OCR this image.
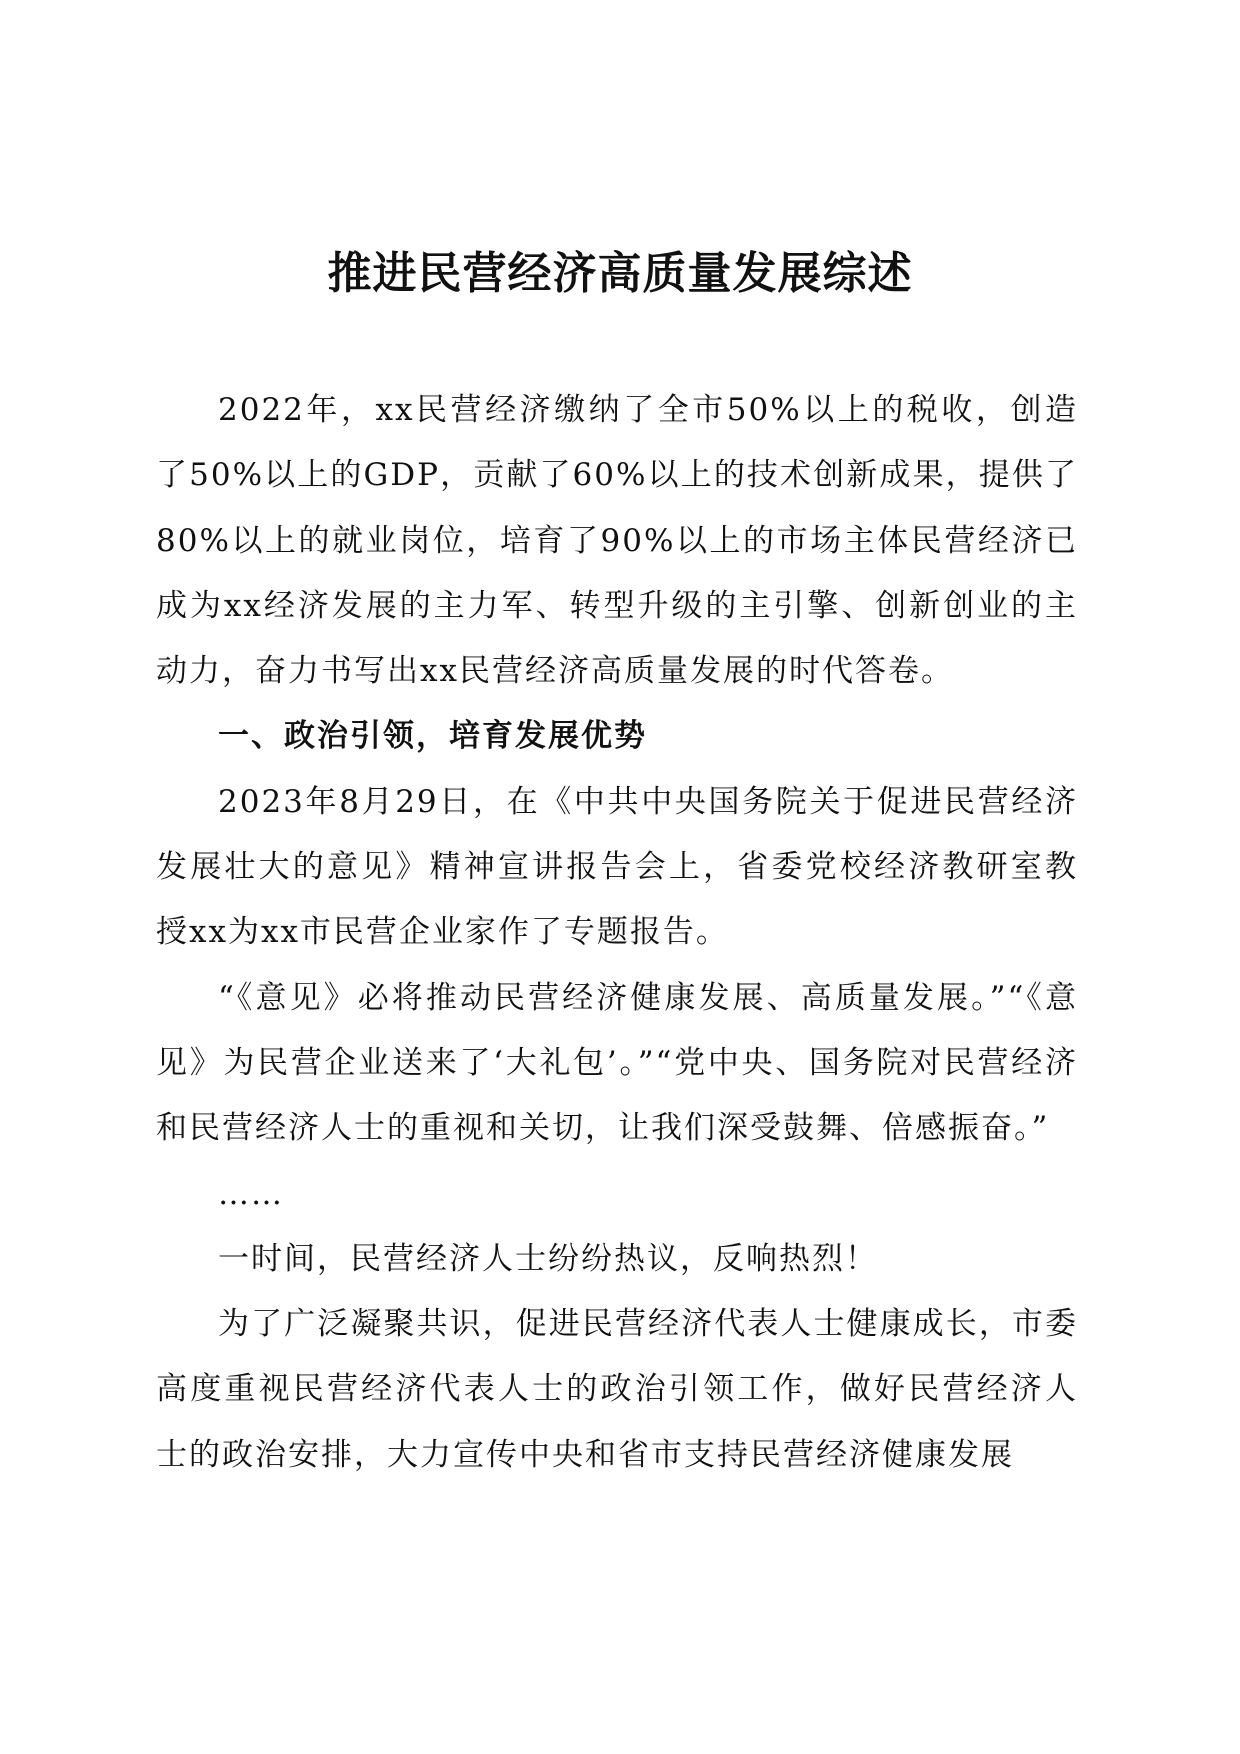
推进民营经济高质量发展综述

2022年，xx民营经济缴纳了全市50%以上的税收，创造了50%以上的GDP，贡献了60%以上的技术创新成果，提供了80%以上的就业岗位，培育了90%以上的市场主体民营经济已成为xx经济发展的主力军、转型升级的主引擎、创新创业的主动力，奋力书写出xx民营经济高质量发展的时代答卷。

一、政治引领，培育发展优势

2023年8月29日，在《中共中央国务院关于促进民营经济发展壮大的意见》精神宣讲报告会上，省委党校经济教研室教授xx为xx市民营企业家作了专题报告。

“《意见》必将推动民营经济健康发展、高质量发展。”“《意见》为民营企业送来了‘大礼包’。”“党中央、国务院对民营经济和民营经济人士的重视和关切，让我们深受鼓舞、倍感振奋。”

……

一时间，民营经济人士纷纷热议，反响热烈！

为了广泛凝聚共识，促进民营经济代表人士健康成长，市委高度重视民营经济代表人士的政治引领工作，做好民营经济人士的政治安排，大力宣传中央和省市支持民营经济健康发展
